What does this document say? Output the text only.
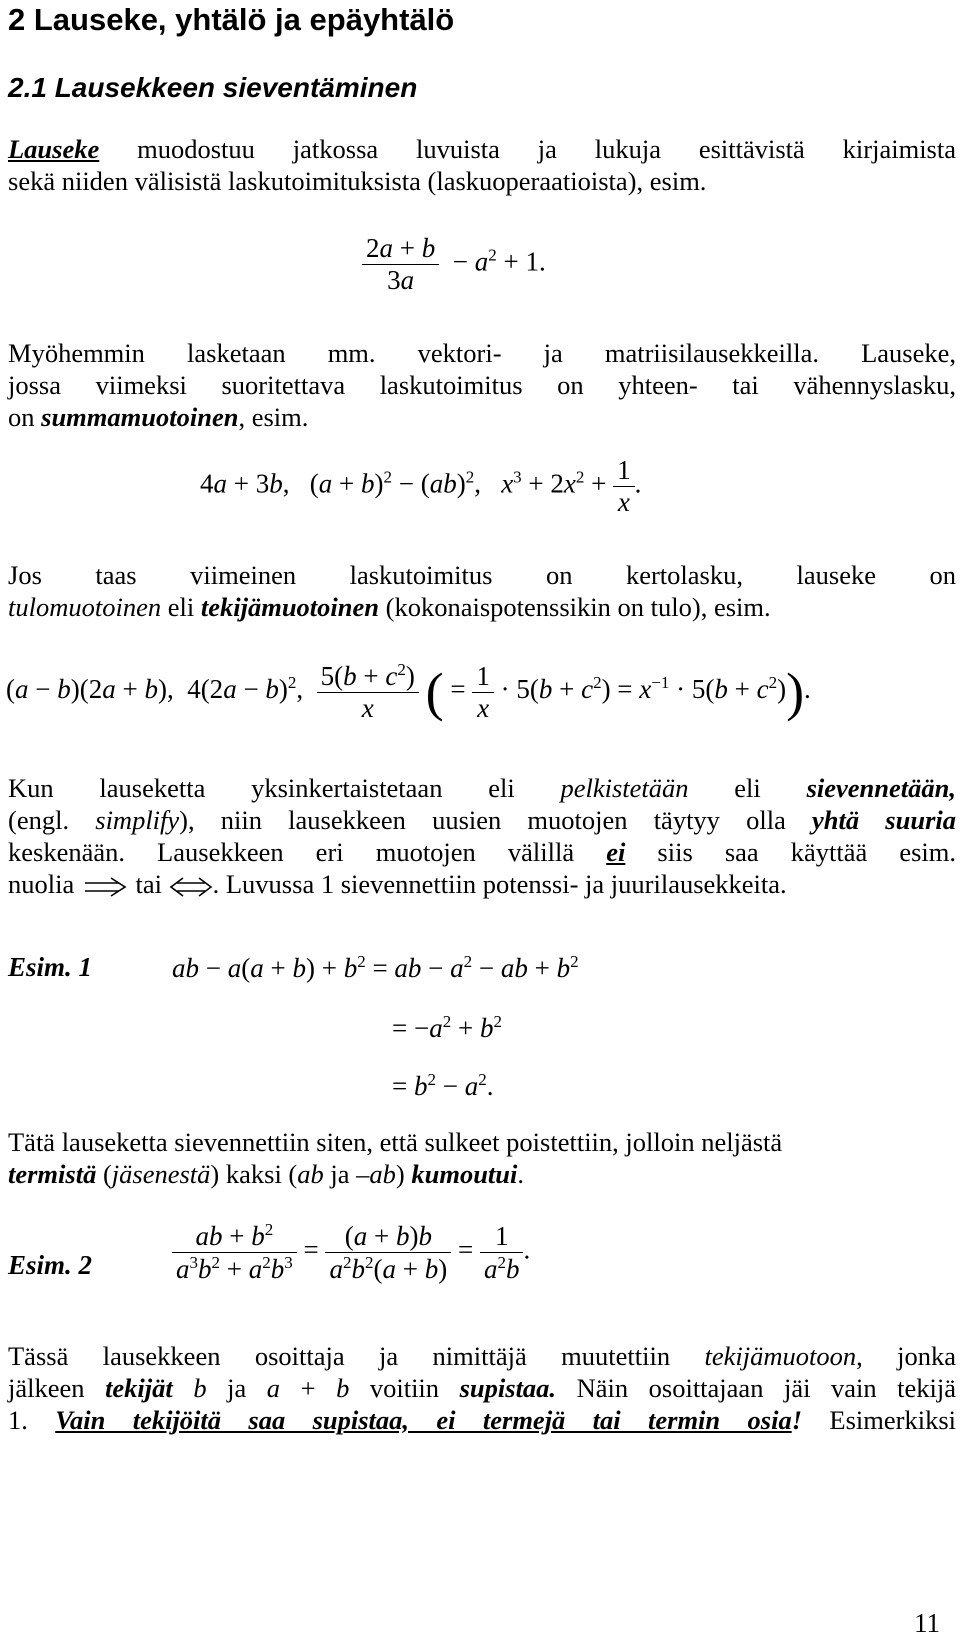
2 Lauseke, yhtälö ja epäyhtälö
2.1 Lausekkeen sieventäminen
Lauseke muodostuu jatkossa luvuista ja lukuja esittävistä kirjaimista
sekä niiden välisistä laskutoimituksista (laskuoperaatioista), esim.
$\frac{2a + b}{3a} - a^2 + 1$.
Myöhemmin lasketaan mm. vektori- ja matriisilausekkeilla. Lauseke,
jossa viimeksi suoritettava laskutoimitus on yhteen- tai vähennyslasku,
on summamuotoinen, esim.
4a + 3b,   $(a + b)^2 - (ab)^2$,   $x^3 + 2x^2 + \frac{1}{x}$ .
Jos taas viimeinen laskutoimitus on kertolasku, lauseke on
tulomuotoinen eli tekijämuotoinen (kokonaispotenssikin on tulo), esim.
(a − b)(2a + b),  $4(2a - b)^2$, $\frac{5(b + c^2)}{x}$ ( = $\frac{1}{x} \cdot 5(b + c^2) = x^{-1} \cdot 5(b + c^2)$).
Kun lauseketta yksinkertaistetaan eli pelkistetään eli sievennetään,
(engl. simplify), niin lausekkeen uusien muotojen täytyy olla yhtä suuria
keskenään. Lausekkeen eri muotojen välillä ei siis saa käyttää esim.
nuolia tai . Luvussa 1 sievennettiin potenssi- ja juurilausekkeita.
Esim. 1	ab − $a(a + b) + b^2$ = ab − $a^2$ − ab + $b^2$
= $-a^2 + b^2$
= $b^2 - a^2$.
Tätä lauseketta sievennettiin siten, että sulkeet poistettiin, jolloin neljästä
termistä (jäsenestä) kaksi (ab ja –ab) kumoutui.
Esim. 2	$\frac{ab + b^2}{a^3b^2 + a^2b^3} = \frac{(a + b)b}{a^2b^2(a + b)} = \frac{1}{a^2b}$ .
Tässä lausekkeen osoittaja ja nimittäjä muutettiin tekijämuotoon, jonka
jälkeen tekijät b ja a + b voitiin supistaa. Näin osoittajaan jäi vain tekijä
1. Vain tekijöitä saa supistaa, ei termejä tai termin osia! Esimerkiksi
11
